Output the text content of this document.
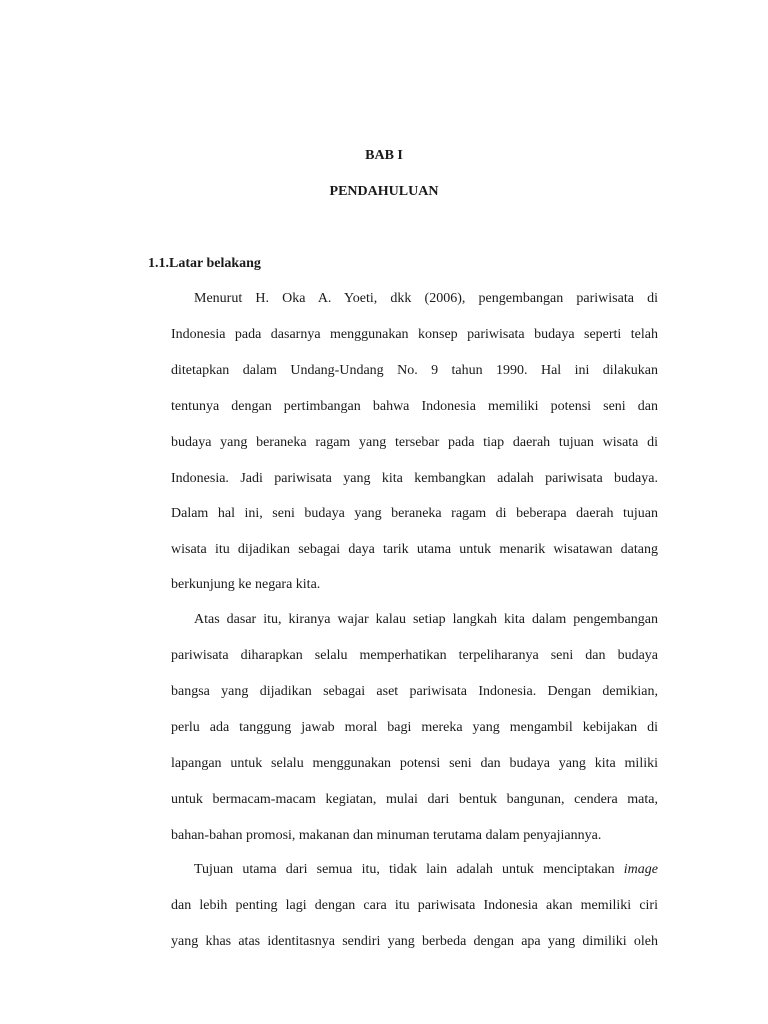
BAB I
PENDAHULUAN
1.1.Latar belakang
Menurut H. Oka A. Yoeti, dkk (2006), pengembangan pariwisata di
Indonesia pada dasarnya menggunakan konsep pariwisata budaya seperti telah
ditetapkan dalam Undang-Undang No. 9 tahun 1990. Hal ini dilakukan
tentunya dengan pertimbangan bahwa Indonesia memiliki potensi seni dan
budaya yang beraneka ragam yang tersebar pada tiap daerah tujuan wisata di
Indonesia. Jadi pariwisata yang kita kembangkan adalah pariwisata budaya.
Dalam hal ini, seni budaya yang beraneka ragam di beberapa daerah tujuan
wisata itu dijadikan sebagai daya tarik utama untuk menarik wisatawan datang
berkunjung ke negara kita.
Atas dasar itu, kiranya wajar kalau setiap langkah kita dalam pengembangan
pariwisata diharapkan selalu memperhatikan terpeliharanya seni dan budaya
bangsa yang dijadikan sebagai aset pariwisata Indonesia. Dengan demikian,
perlu ada tanggung jawab moral bagi mereka yang mengambil kebijakan di
lapangan untuk selalu menggunakan potensi seni dan budaya yang kita miliki
untuk bermacam-macam kegiatan, mulai dari bentuk bangunan, cendera mata,
bahan-bahan promosi, makanan dan minuman terutama dalam penyajiannya.
Tujuan utama dari semua itu, tidak lain adalah untuk menciptakan image
dan lebih penting lagi dengan cara itu pariwisata Indonesia akan memiliki ciri
yang khas atas identitasnya sendiri yang berbeda dengan apa yang dimiliki oleh
